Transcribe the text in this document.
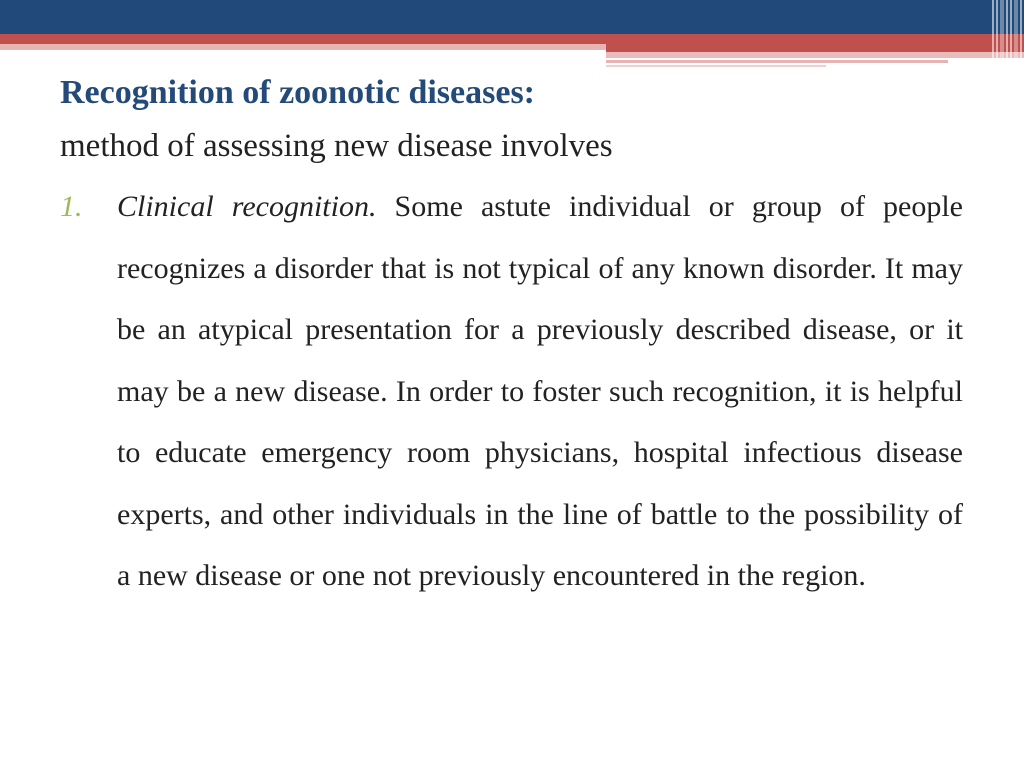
Recognition of zoonotic diseases:

method of assessing new disease involves

1. Clinical recognition. Some astute individual or group of people recognizes a disorder that is not typical of any known disorder. It may be an atypical presentation for a previously described disease, or it may be a new disease. In order to foster such recognition, it is helpful to educate emergency room physicians, hospital infectious disease experts, and other individuals in the line of battle to the possibility of a new disease or one not previously encountered in the region.
